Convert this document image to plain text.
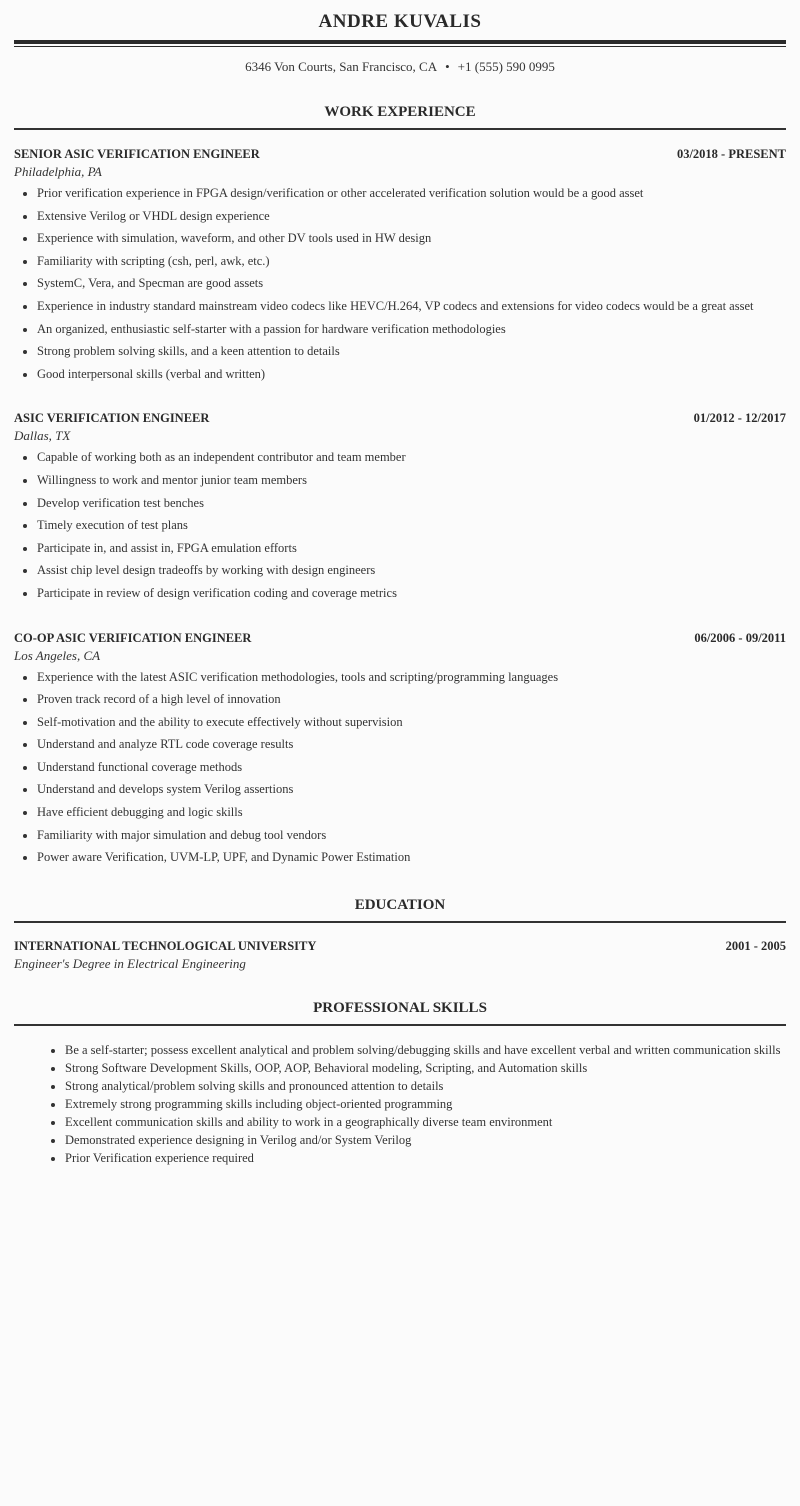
ANDRE KUVALIS
6346 Von Courts, San Francisco, CA • +1 (555) 590 0995
WORK EXPERIENCE
SENIOR ASIC VERIFICATION ENGINEER	03/2018 - PRESENT
Philadelphia, PA
• Prior verification experience in FPGA design/verification or other accelerated verification solution would be a good asset
• Extensive Verilog or VHDL design experience
• Experience with simulation, waveform, and other DV tools used in HW design
• Familiarity with scripting (csh, perl, awk, etc.)
• SystemC, Vera, and Specman are good assets
• Experience in industry standard mainstream video codecs like HEVC/H.264, VP codecs and extensions for video codecs would be a great asset
• An organized, enthusiastic self-starter with a passion for hardware verification methodologies
• Strong problem solving skills, and a keen attention to details
• Good interpersonal skills (verbal and written)
ASIC VERIFICATION ENGINEER	01/2012 - 12/2017
Dallas, TX
• Capable of working both as an independent contributor and team member
• Willingness to work and mentor junior team members
• Develop verification test benches
• Timely execution of test plans
• Participate in, and assist in, FPGA emulation efforts
• Assist chip level design tradeoffs by working with design engineers
• Participate in review of design verification coding and coverage metrics
CO-OP ASIC VERIFICATION ENGINEER	06/2006 - 09/2011
Los Angeles, CA
• Experience with the latest ASIC verification methodologies, tools and scripting/programming languages
• Proven track record of a high level of innovation
• Self-motivation and the ability to execute effectively without supervision
• Understand and analyze RTL code coverage results
• Understand functional coverage methods
• Understand and develops system Verilog assertions
• Have efficient debugging and logic skills
• Familiarity with major simulation and debug tool vendors
• Power aware Verification, UVM-LP, UPF, and Dynamic Power Estimation
EDUCATION
INTERNATIONAL TECHNOLOGICAL UNIVERSITY	2001 - 2005
Engineer's Degree in Electrical Engineering
PROFESSIONAL SKILLS
• Be a self-starter; possess excellent analytical and problem solving/debugging skills and have excellent verbal and written communication skills
• Strong Software Development Skills, OOP, AOP, Behavioral modeling, Scripting, and Automation skills
• Strong analytical/problem solving skills and pronounced attention to details
• Extremely strong programming skills including object-oriented programming
• Excellent communication skills and ability to work in a geographically diverse team environment
• Demonstrated experience designing in Verilog and/or System Verilog
• Prior Verification experience required
